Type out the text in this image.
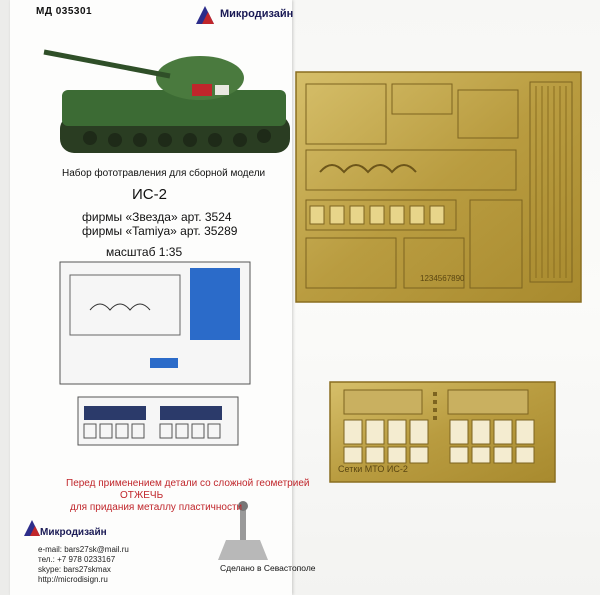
МД 035301	Микродизайн
Набор фототравления для сборной модели
ИС-2
фирмы «Звезда» арт. 3524
фирмы «Tamiya» арт. 35289
масштаб 1:35
Перед применением детали со сложной геометрией
ОТЖЕЧЬ
для придания металлу пластичности
Микродизайн
e-mail: bars27sk@mail.ru
тел.: +7 978 0233167
skype: bars27skmax
http://microdisign.ru
Сделано в Севастополе
1234567890
Сетки МТО ИС-2
